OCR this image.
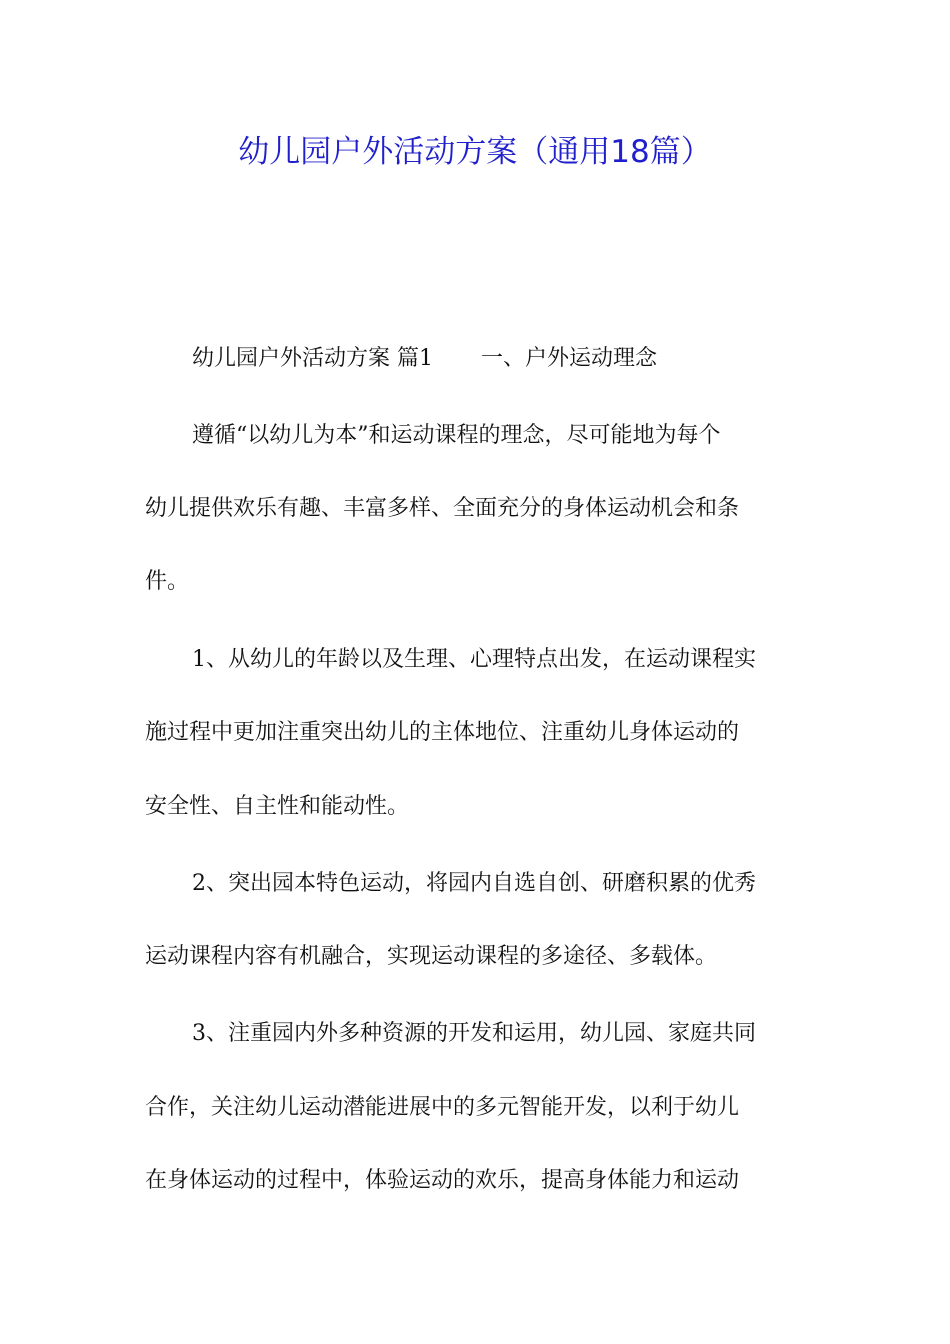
幼儿园户外活动方案（通用18篇）
幼儿园户外活动方案 篇1 一、户外运动理念
遵循“以幼儿为本”和运动课程的理念，尽可能地为每个
幼儿提供欢乐有趣、丰富多样、全面充分的身体运动机会和条
件。
1、从幼儿的年龄以及生理、心理特点出发，在运动课程实
施过程中更加注重突出幼儿的主体地位、注重幼儿身体运动的
安全性、自主性和能动性。
2、突出园本特色运动，将园内自选自创、研磨积累的优秀
运动课程内容有机融合，实现运动课程的多途径、多载体。
3、注重园内外多种资源的开发和运用，幼儿园、家庭共同
合作，关注幼儿运动潜能进展中的多元智能开发，以利于幼儿
在身体运动的过程中，体验运动的欢乐，提高身体能力和运动
